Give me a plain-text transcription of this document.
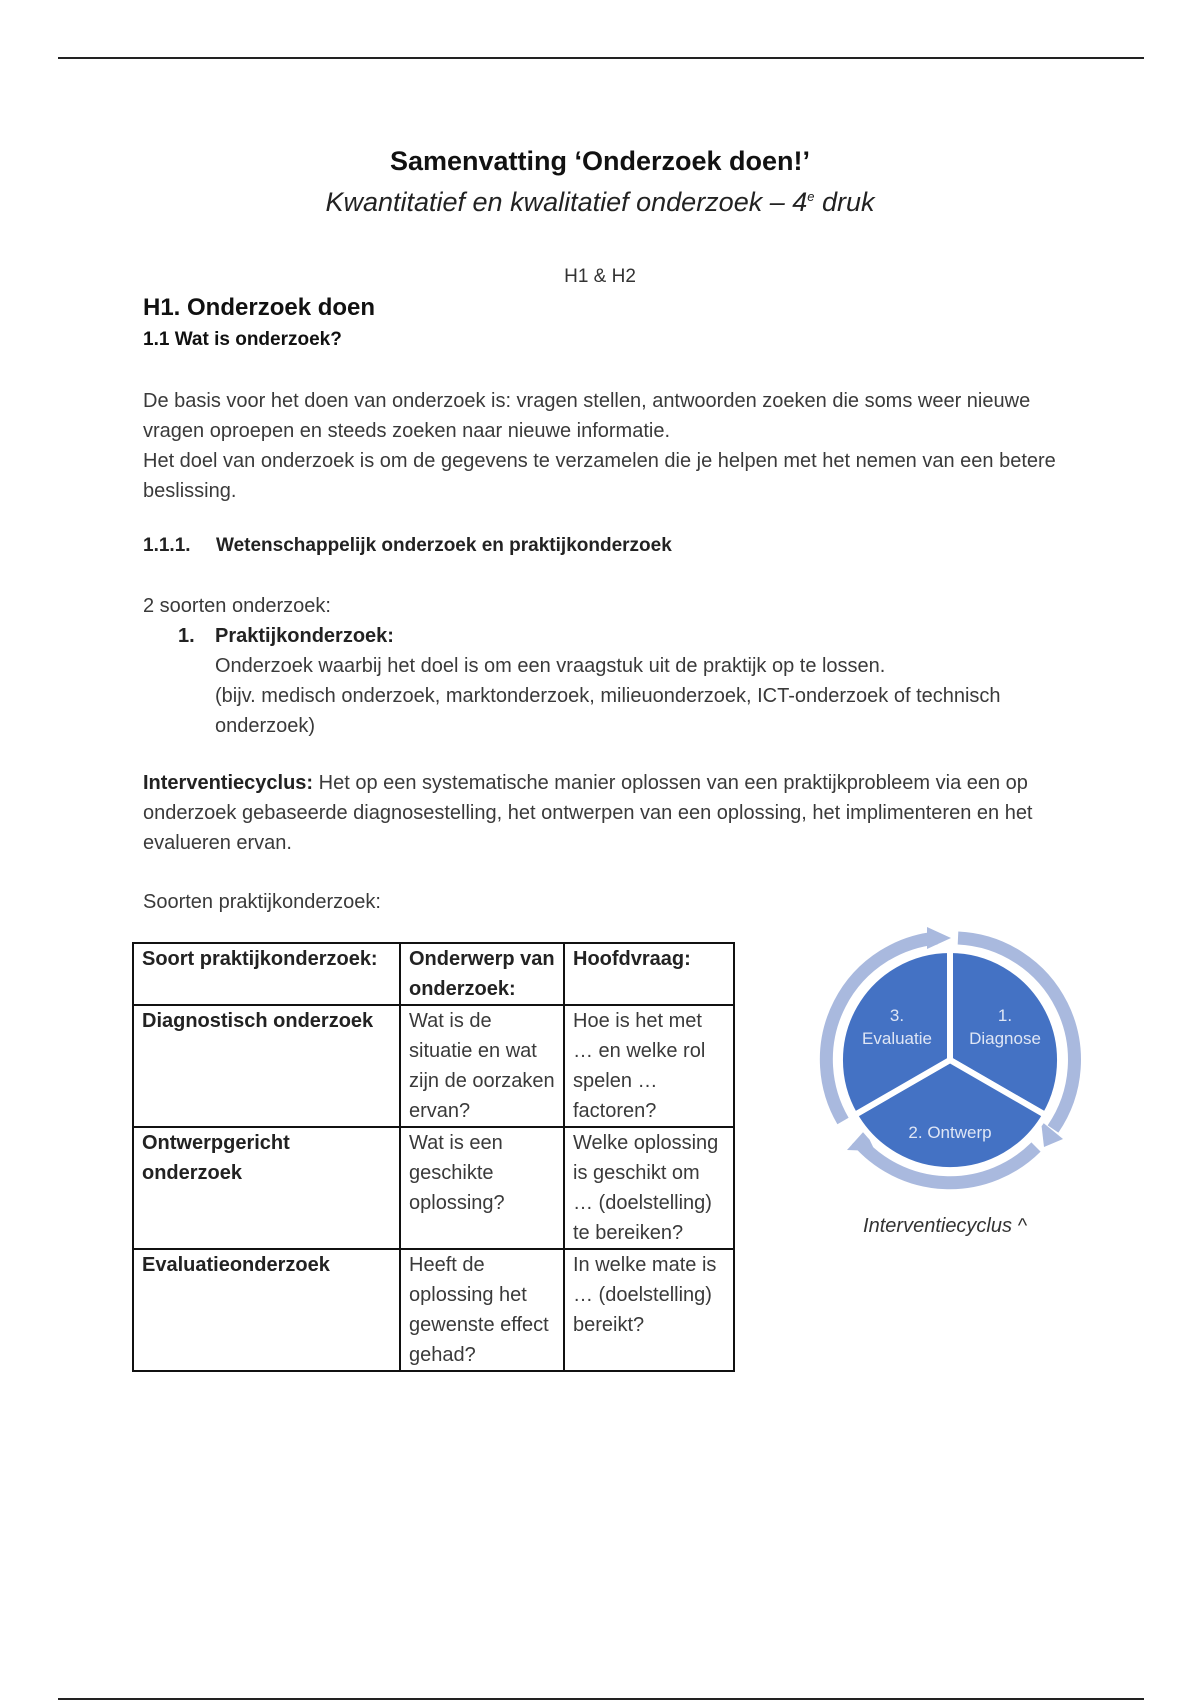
Samenvatting ‘Onderzoek doen!’
Kwantitatief en kwalitatief onderzoek – 4e druk
H1 & H2
H1. Onderzoek doen
1.1 Wat is onderzoek?
De basis voor het doen van onderzoek is: vragen stellen, antwoorden zoeken die soms weer nieuwe vragen oproepen en steeds zoeken naar nieuwe informatie.
Het doel van onderzoek is om de gegevens te verzamelen die je helpen met het nemen van een betere beslissing.
1.1.1. Wetenschappelijk onderzoek en praktijkonderzoek
2 soorten onderzoek:
1. Praktijkonderzoek:
Onderzoek waarbij het doel is om een vraagstuk uit de praktijk op te lossen.
(bijv. medisch onderzoek, marktonderzoek, milieuonderzoek, ICT-onderzoek of technisch onderzoek)
Interventiecyclus: Het op een systematische manier oplossen van een praktijkprobleem via een op onderzoek gebaseerde diagnosestelling, het ontwerpen van een oplossing, het implimenteren en het evalueren ervan.
Soorten praktijkonderzoek:
Soort praktijkonderzoek:	Onderwerp van onderzoek:	Hoofdvraag:
Diagnostisch onderzoek	Wat is de situatie en wat zijn de oorzaken ervan?	Hoe is het met … en welke rol spelen … factoren?
Ontwerpgericht onderzoek	Wat is een geschikte oplossing?	Welke oplossing is geschikt om … (doelstelling) te bereiken?
Evaluatieonderzoek	Heeft de oplossing het gewenste effect gehad?	In welke mate is … (doelstelling) bereikt?
1.
Diagnose
2. Ontwerp
3.
Evaluatie
Interventiecyclus ^
